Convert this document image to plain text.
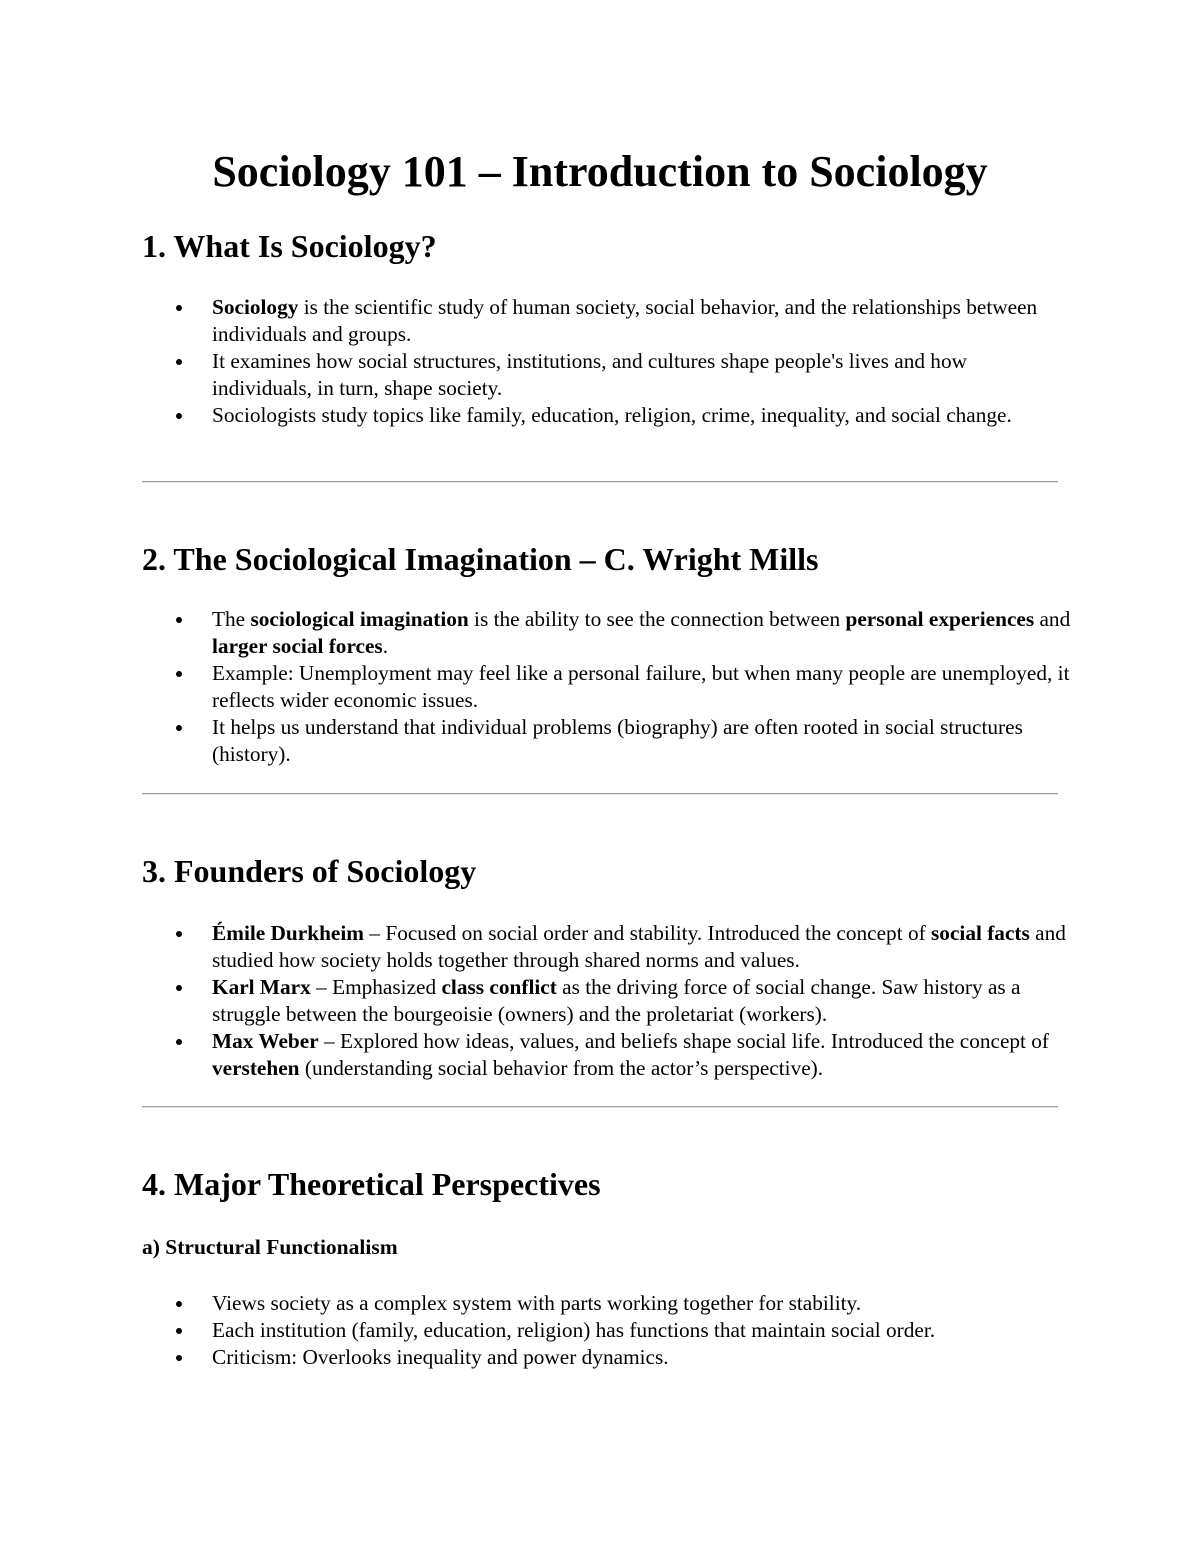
Sociology 101 – Introduction to Sociology
1. What Is Sociology?
Sociology is the scientific study of human society, social behavior, and the relationships between individuals and groups.
It examines how social structures, institutions, and cultures shape people's lives and how individuals, in turn, shape society.
Sociologists study topics like family, education, religion, crime, inequality, and social change.
2. The Sociological Imagination – C. Wright Mills
The sociological imagination is the ability to see the connection between personal experiences and larger social forces.
Example: Unemployment may feel like a personal failure, but when many people are unemployed, it reflects wider economic issues.
It helps us understand that individual problems (biography) are often rooted in social structures (history).
3. Founders of Sociology
Émile Durkheim – Focused on social order and stability. Introduced the concept of social facts and studied how society holds together through shared norms and values.
Karl Marx – Emphasized class conflict as the driving force of social change. Saw history as a struggle between the bourgeoisie (owners) and the proletariat (workers).
Max Weber – Explored how ideas, values, and beliefs shape social life. Introduced the concept of verstehen (understanding social behavior from the actor’s perspective).
4. Major Theoretical Perspectives
a) Structural Functionalism
Views society as a complex system with parts working together for stability.
Each institution (family, education, religion) has functions that maintain social order.
Criticism: Overlooks inequality and power dynamics.
